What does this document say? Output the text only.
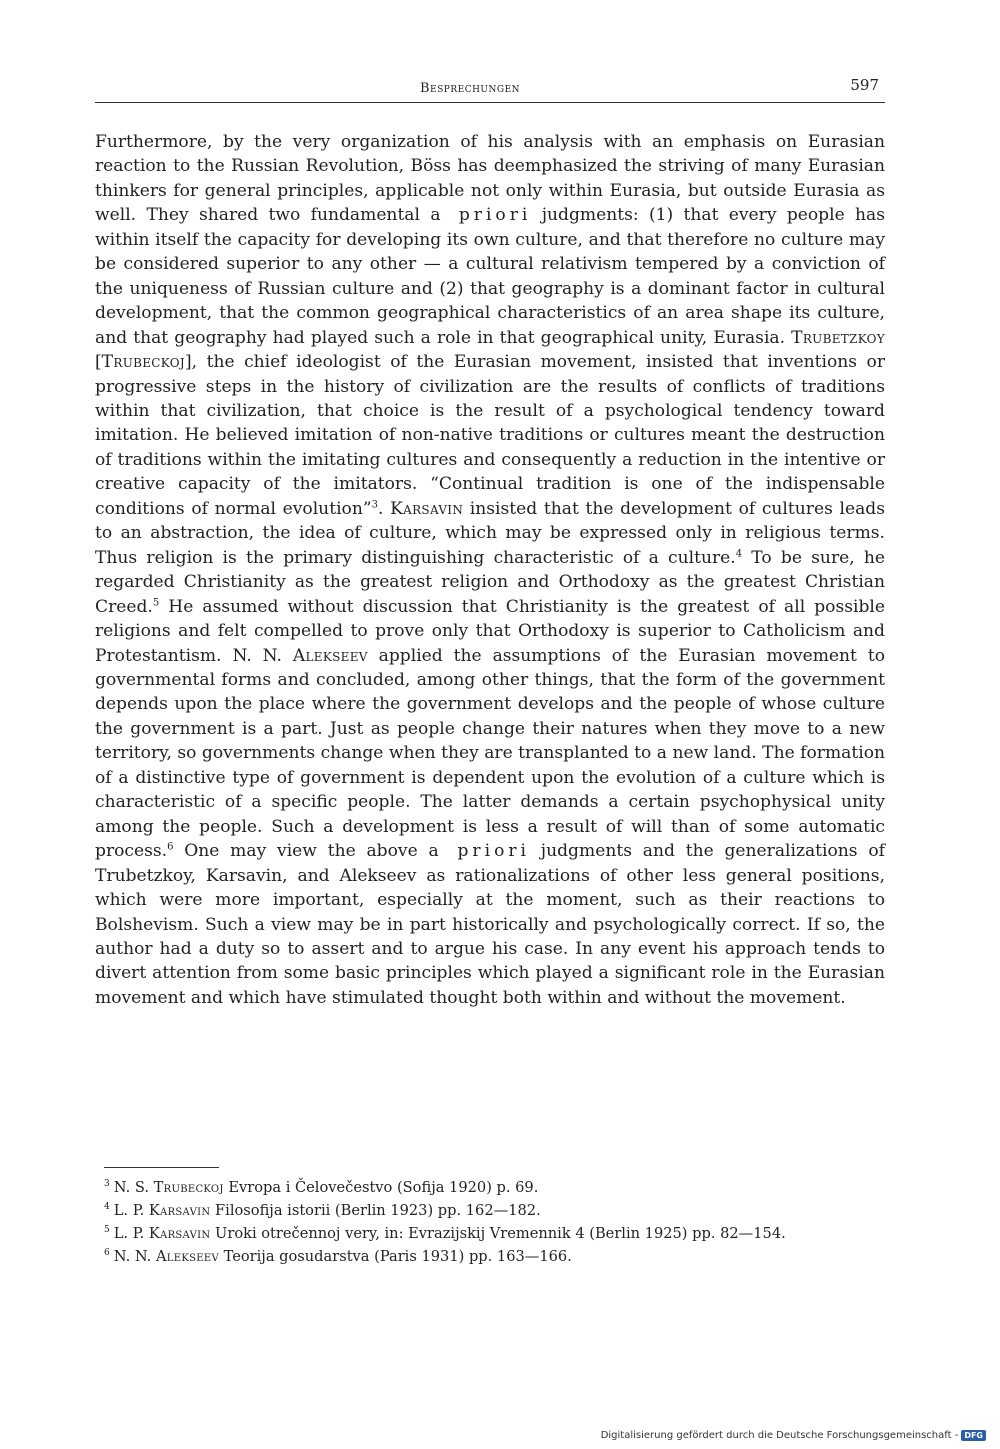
Besprechungen	597

Furthermore, by the very organization of his analysis with an emphasis on Eurasian reaction to the Russian Revolution, Böss has deemphasized the striving of many Eurasian thinkers for general principles, applicable not only within Eurasia, but outside Eurasia as well. They shared two fundamental a priori judgments: (1) that every people has within itself the capacity for developing its own culture, and that therefore no culture may be considered superior to any other — a cultural relativism tempered by a conviction of the uniqueness of Russian culture and (2) that geography is a dominant factor in cultural development, that the common geographical characteristics of an area shape its culture, and that geography had played such a role in that geographical unity, Eurasia. Trubetzkoy [Trubeckoj], the chief ideologist of the Eurasian movement, insisted that inventions or progressive steps in the history of civilization are the results of conflicts of traditions within that civilization, that choice is the result of a psychological tendency toward imitation. He believed imitation of non-native traditions or cultures meant the destruction of traditions within the imitating cultures and consequently a reduction in the intentive or creative capacity of the imitators. “Continual tradition is one of the indispensable conditions of normal evolution”$^3$. Karsavin insisted that the development of cultures leads to an abstraction, the idea of culture, which may be expressed only in religious terms. Thus religion is the primary distinguishing characteristic of a culture.$^4$ To be sure, he regarded Christianity as the greatest religion and Orthodoxy as the greatest Christian Creed.$^5$ He assumed without discussion that Christianity is the greatest of all possible religions and felt compelled to prove only that Orthodoxy is superior to Catholicism and Protestantism. N. N. Alekseev applied the assumptions of the Eurasian movement to governmental forms and concluded, among other things, that the form of the government depends upon the place where the government develops and the people of whose culture the government is a part. Just as people change their natures when they move to a new territory, so governments change when they are transplanted to a new land. The formation of a distinctive type of government is dependent upon the evolution of a culture which is characteristic of a specific people. The latter demands a certain psychophysical unity among the people. Such a development is less a result of will than of some automatic process.$^6$ One may view the above a priori judgments and the generalizations of Trubetzkoy, Karsavin, and Alekseev as rationalizations of other less general positions, which were more important, especially at the moment, such as their reactions to Bolshevism. Such a view may be in part historically and psychologically correct. If so, the author had a duty so to assert and to argue his case. In any event his approach tends to divert attention from some basic principles which played a significant role in the Eurasian movement and which have stimulated thought both within and without the movement.

$^3$ N. S. Trubeckoj Evropa i Čelovečestvo (Sofija 1920) p. 69.

$^4$ L. P. Karsavin Filosofija istorii (Berlin 1923) pp. 162—182.

$^5$ L. P. Karsavin Uroki otrečennoj very, in: Evrazijskij Vremennik 4 (Berlin 1925) pp. 82—154.

$^6$ N. N. Alekseev Teorija gosudarstva (Paris 1931) pp. 163—166.

Digitalisierung gefördert durch die Deutsche Forschungsgemeinschaft - DFG
